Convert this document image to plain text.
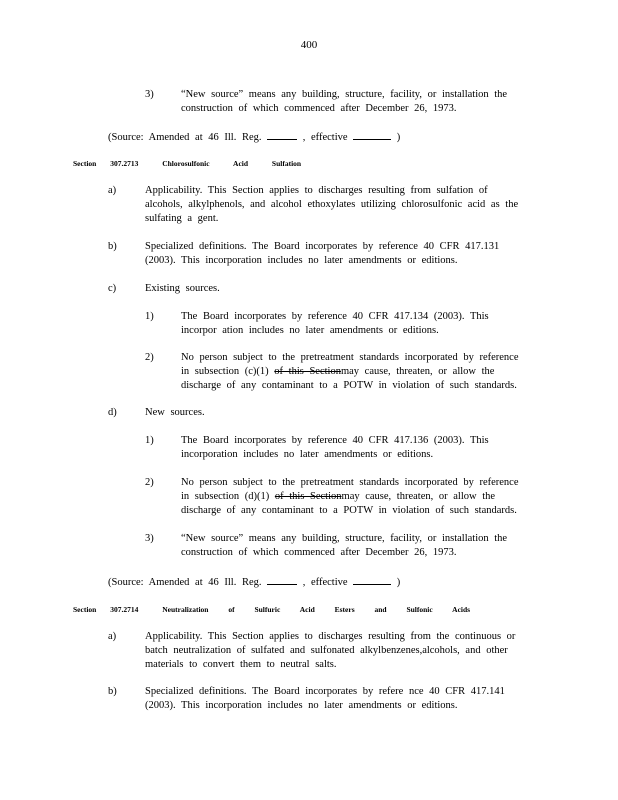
400
3)	“New source” means any building, structure, facility, or installation the
construction of which commenced after December 26, 1973.
(Source: Amended at 46 Ill. Reg.	, effective	)
Section 307.2713	Chlorosulfonic Acid Sulfation
a)	Applicability. This Section applies to discharges resulting from sulfation of
alcohols, alkylphenols, and alcohol ethoxylates utilizing chlorosulfonic acid as the
sulfating a gent.
b)	Specialized definitions. The Board incorporates by reference 40 CFR 417.131
(2003). This incorporation includes no later amendments or editions.
c)	Existing sources.
1)	The Board incorporates by reference 40 CFR 417.134 (2003). This
incorpor ation includes no later amendments or editions.
2)	No person subject to the pretreatment standards incorporated by reference
in subsection (c)(1) of this Sectionmay cause, threaten, or allow the
discharge of any contaminant to a POTW in violation of such standards.
d)	New sources.
1)	The Board incorporates by reference 40 CFR 417.136 (2003). This
incorporation includes no later amendments or editions.
2)	No person subject to the pretreatment standards incorporated by reference
in subsection (d)(1) of this Sectionmay cause, threaten, or allow the
discharge of any contaminant to a POTW in violation of such standards.
3)	“New source” means any building, structure, facility, or installation the
construction of which commenced after December 26, 1973.
(Source: Amended at 46 Ill. Reg.	, effective	)
Section 307.2714	Neutralization of Sulfuric Acid Esters and Sulfonic Acids
a)	Applicability. This Section applies to discharges resulting from the continuous or
batch neutralization of sulfated and sulfonated alkylbenzenes,alcohols, and other
materials to convert them to neutral salts.
b)	Specialized definitions. The Board incorporates by refere nce 40 CFR 417.141
(2003). This incorporation includes no later amendments or editions.
